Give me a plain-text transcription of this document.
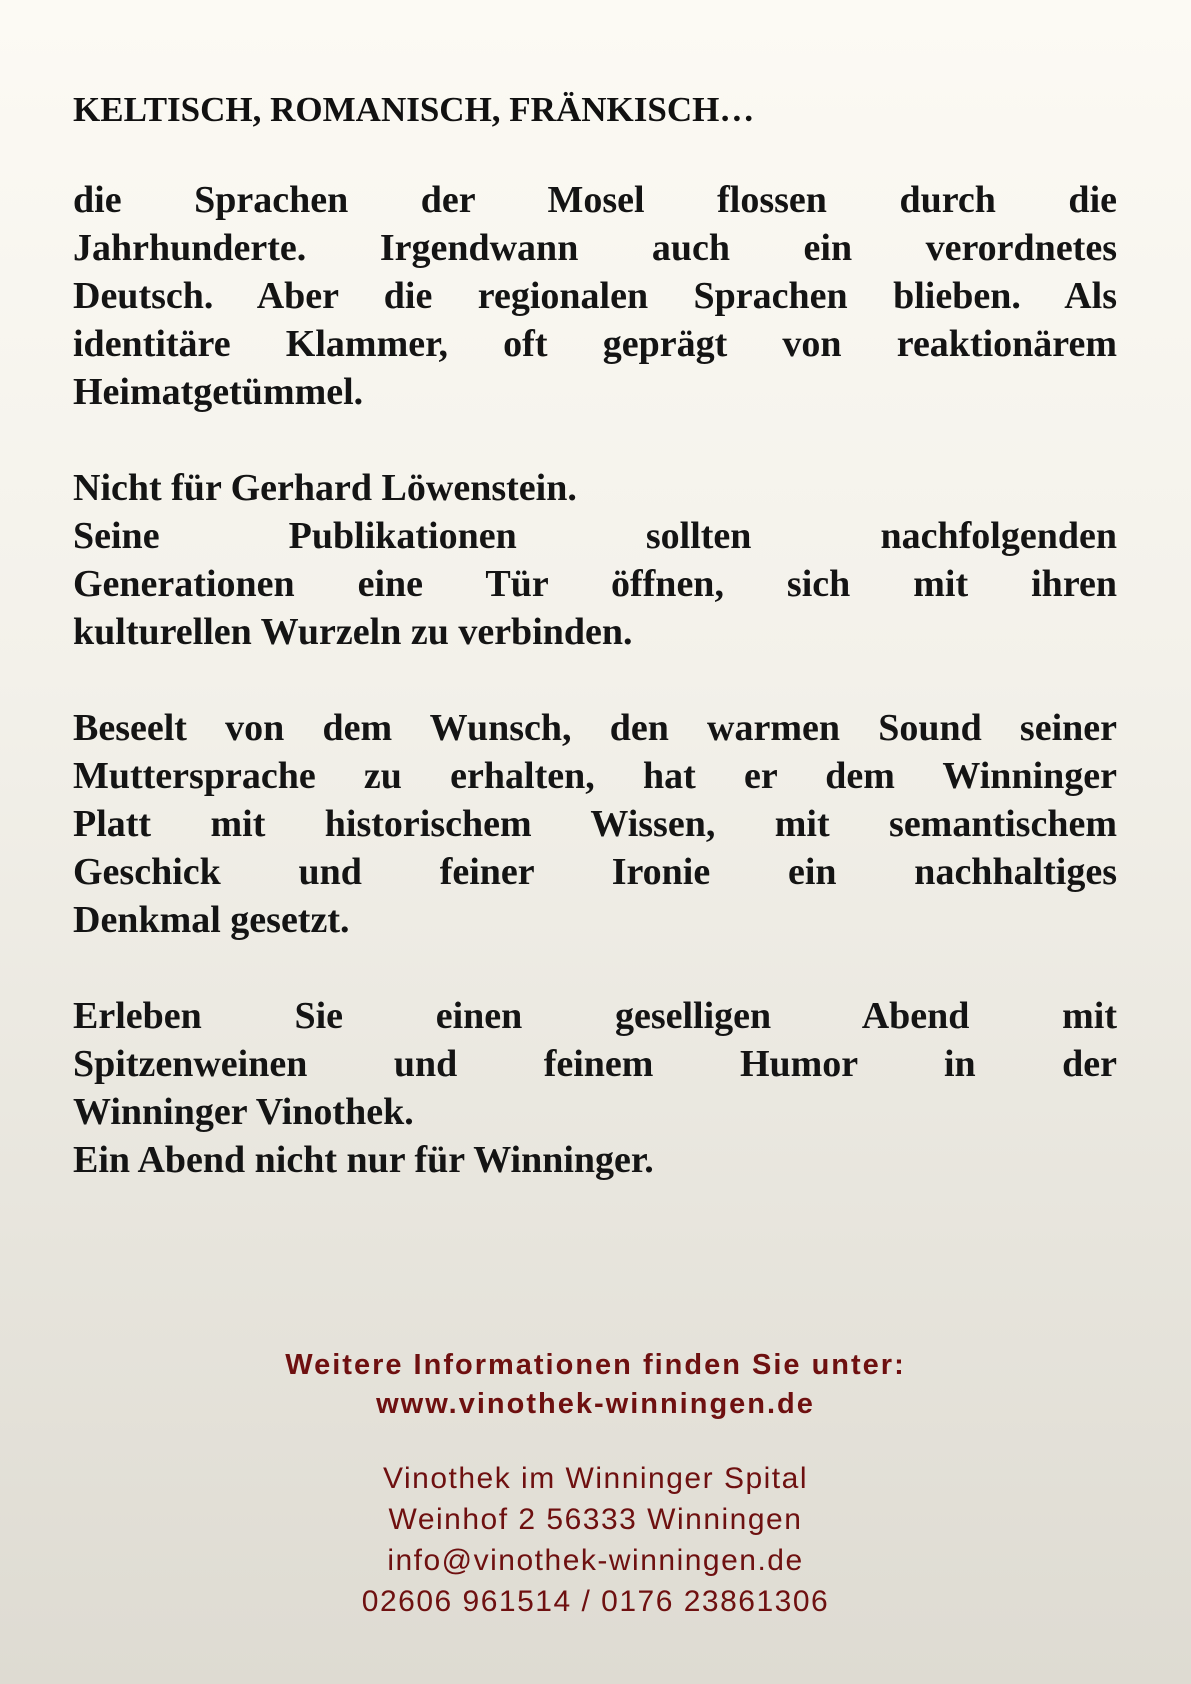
KELTISCH, ROMANISCH, FRÄNKISCH…
die Sprachen der Mosel flossen durch die
Jahrhunderte. Irgendwann auch ein verordnetes
Deutsch. Aber die regionalen Sprachen blieben. Als
identitäre Klammer, oft geprägt von reaktionärem
Heimatgetümmel.
Nicht für Gerhard Löwenstein.
Seine Publikationen sollten nachfolgenden
Generationen eine Tür öffnen, sich mit ihren
kulturellen Wurzeln zu verbinden.
Beseelt von dem Wunsch, den warmen Sound seiner
Muttersprache zu erhalten, hat er dem Winninger
Platt mit historischem Wissen, mit semantischem
Geschick und feiner Ironie ein nachhaltiges
Denkmal gesetzt.
Erleben Sie einen geselligen Abend mit
Spitzenweinen und feinem Humor in der
Winninger Vinothek.
Ein Abend nicht nur für Winninger.
Weitere Informationen finden Sie unter:
www.vinothek-winningen.de
Vinothek im Winninger Spital
Weinhof 2 56333 Winningen
info@vinothek-winningen.de
02606 961514 / 0176 23861306
